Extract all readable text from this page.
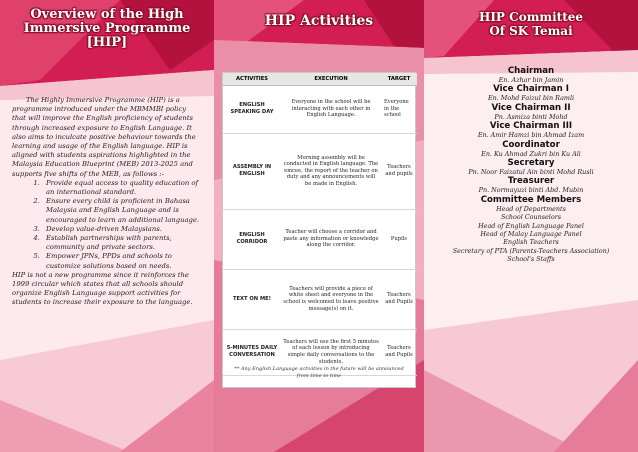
Overview of the High Immersive Programme [HIP]

The Highly Immersive Programme (HIP) is a programme introduced under the MBMMBI policy that will improve the English proficiency of students through increased exposure to English Language. It also aims to inculcate positive behaviour towards the learning and usage of the English language. HIP is aligned with students aspirations highlighted in the Malaysia Education Blueprint (MEB) 2013-2025 and supports five shifts of the MEB, as follows :-

1. Provide equal access to quality education of an international standard.
2. Ensure every child is proficient in Bahasa Malaysia and English Language and is encouraged to learn an additional language.
3. Develop value-driven Malaysians.
4. Establish partnerships with parents, community and private sectors.
5. Empower JPNs, PPDs and schools to customize solutions based on needs.

HIP is not a new programme since it reinforces the 1999 circular which states that all schools should organize English Language support activities for students to increase their exposure to the language.

HIP Activities
ACTIVITIES	EXECUTION	TARGET
ENGLISH SPEAKING DAY	Everyone in the school will be interacting with each other in English Language.	Everyone in the school
ASSEMBLY IN ENGLISH	Morning assembly will be conducted in English language. The emcee, the report of the teacher on duty and any announcements will be made in English.	Teachers and pupils
ENGLISH CORRIDOR	Teacher will choose a corridor and paste any information or knowledge along the corridor.	Pupils
TEXT ON ME!	Teachers will provide a piece of white sheet and everyone in the school is welcomed to leave positive message(s) on it.	Teachers and Pupils
5-MINUTES DAILY CONVERSATION	Teachers will use the first 5 minutes of each lesson by introducing simple daily conversations to the students.	Teachers and Pupils

** Any English Language activities in the future will be announced from time to time

HIP Committee Of SK Temai
Chairman
En. Azhar bin Jamin
Vice Chairman I
En. Mohd Faizul bin Ramli
Vice Chairman II
Pn. Asmiza binti Mohd
Vice Chairman III
En. Amir Hamzi bin Ahmad Izam
Coordinator
En. Ku Ahmad Zukri bin Ku Ali
Secretary
Pn. Noor Faizatul Ain binti Mohd Rusli
Treasurer
Pn. Normayuzi binti Abd. Mubin
Committee Members
Head of Departments
School Counselors
Head of English Language Panel
Head of Malay Language Panel
English Teachers
Secretary of PTA (Parents-Teachers Association)
School's Staffs
